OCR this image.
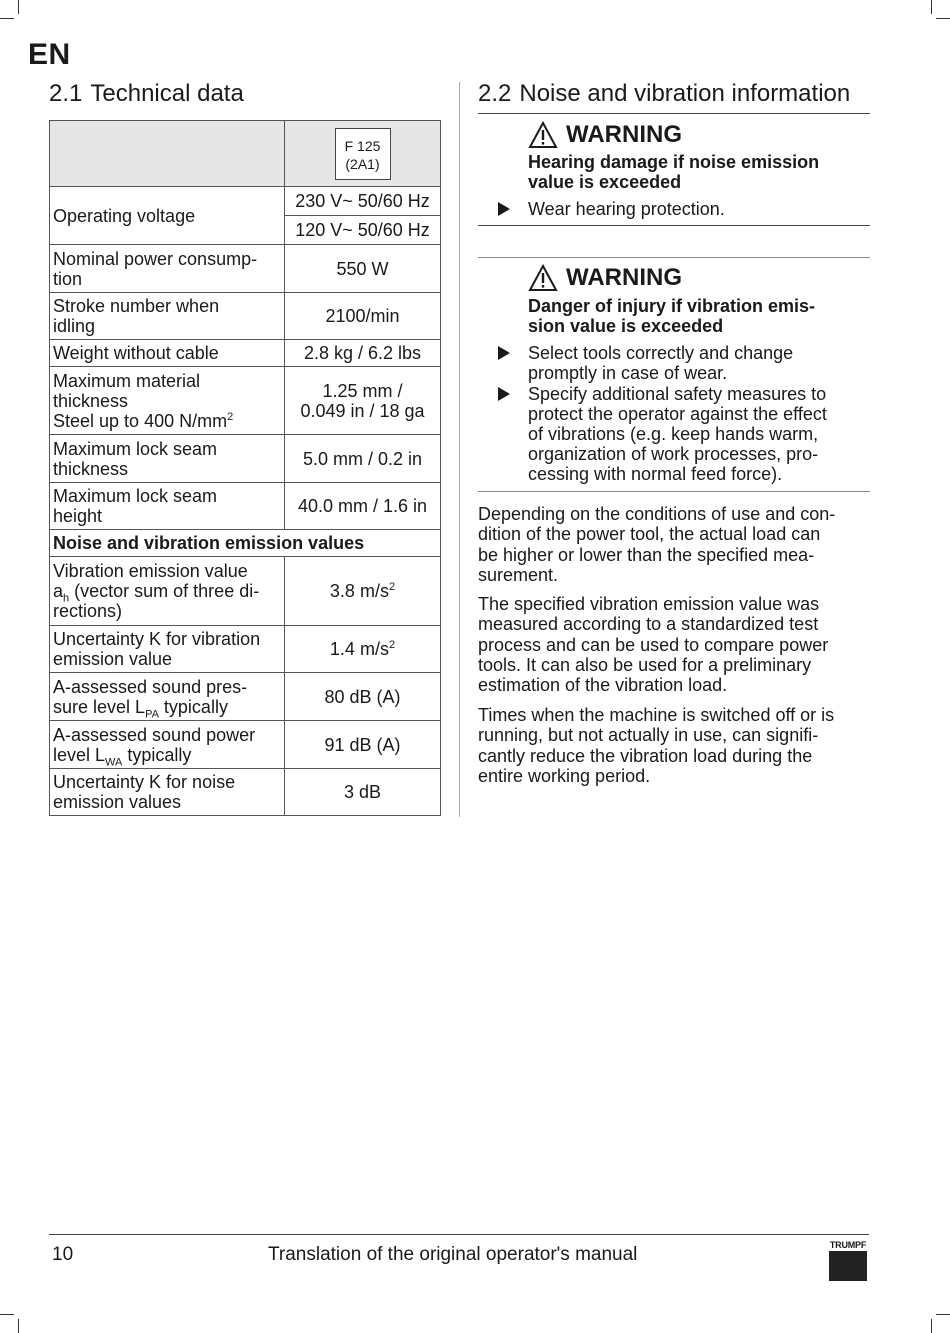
EN
2.1 Technical data

	F 125
(2A1)

Operating voltage	230 V~ 50/60 Hz
120 V~ 50/60 Hz

Nominal power consump-
tion	550 W
Stroke number when
idling	2100/min
Weight without cable	2.8 kg / 6.2 lbs
Maximum material
thickness
Steel up to 400 $N/mm^2$	1.25 mm /
0.049 in / 18 ga
Maximum lock seam
thickness	5.0 mm / 0.2 in
Maximum lock seam
height	40.0 mm / 1.6 in
Noise and vibration emission values	
Vibration emission value
$a_h$ (vector sum of three di-
rections)	3.8 $m/s^2$
Uncertainty K for vibration
emission value	1.4 $m/s^2$
A-assessed sound pres-
sure level $L_{PA}$ typically	80 dB (A)
A-assessed sound power
level $L_{WA}$ typically	91 dB (A)
Uncertainty K for noise
emission values	3 dB
2.2 Noise and vibration information
WARNING
Hearing damage if noise emission
value is exceeded
Wear hearing protection.
WARNING
Danger of injury if vibration emis-
sion value is exceeded
Select tools correctly and change
promptly in case of wear.
Specify additional safety measures to
protect the operator against the effect
of vibrations (e.g. keep hands warm,
organization of work processes, pro-
cessing with normal feed force).
Depending on the conditions of use and con-
dition of the power tool, the actual load can
be higher or lower than the specified mea-
surement.
The specified vibration emission value was
measured according to a standardized test
process and can be used to compare power
tools. It can also be used for a preliminary
estimation of the vibration load.
Times when the machine is switched off or is
running, but not actually in use, can signifi-
cantly reduce the vibration load during the
entire working period.
10	Translation of the original operator's manual	TRUMPF
